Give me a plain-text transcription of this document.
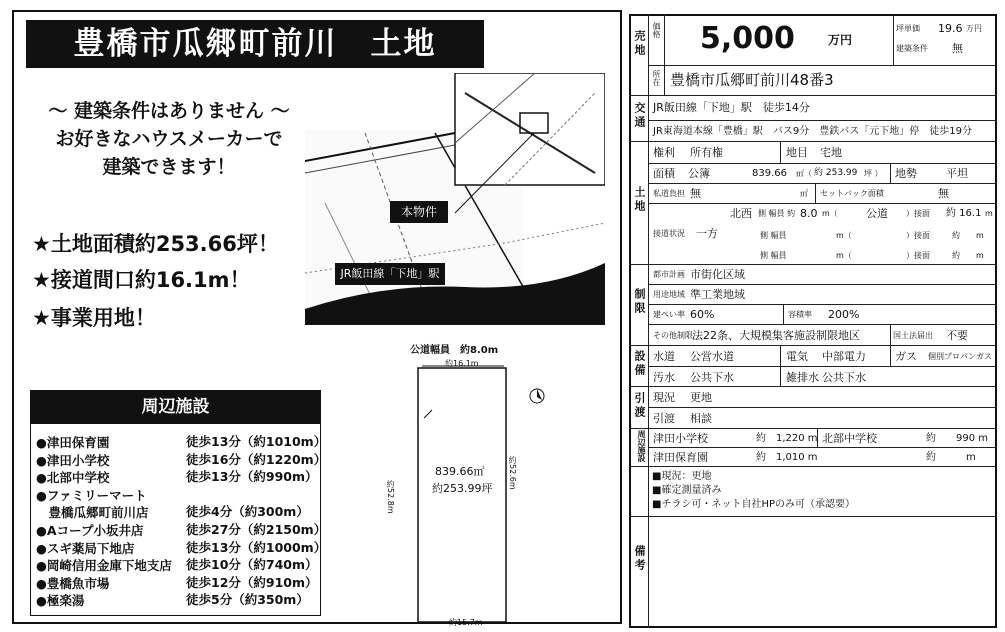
豊橋市瓜郷町前川　土地
～ 建築条件はありません ～
お好きなハウスメーカーで
建築できます！
★土地面積約253.66坪！
★接道間口約16.1m！
★事業用地！
本物件
JR飯田線「下地」駅
公道幅員　約8.0m
約16.1m
約15.7m
約52.8m
約52.6m
839.66㎡
約253.99坪
周辺施設
●津田保育園	徒歩13分（約1010m）
●津田小学校	徒歩16分（約1220m）
●北部中学校	徒歩13分（約990m）
●ファミリーマート
　豊橋瓜郷町前川店	徒歩4分（約300m）
●Aコープ小坂井店	徒歩27分（約2150m）
●スギ薬局下地店	徒歩13分（約1000m）
●岡崎信用金庫下地支店 徒歩10分（約740m）
●豊橋魚市場	徒歩12分（約910m）
●極楽湯	徒歩5分（約350m）
売地
交通
土地
制限
設備
引渡
周辺施設
備考
価格 5,000	万円
坪単価 19.6 万円
建築条件 無
所在 豊橋市瓜郷町前川48番3
JR飯田線「下地」駅　徒歩14分
JR東海道本線「豊橋」駅　バス9分　豊鉄バス「元下地」停　徒歩19分
権利 所有権	地目 宅地
面積 公簿	839.66 ㎡（ 約 253.99 坪 ） 地勢	平坦
私道負担 無	㎡ セットバック面積	無
接道状況 一方
北西 側 幅員 約 8.0 m（	公道 ）接面 約 16.1 m
側 幅員	m（	）接面	約　　m
側 幅員	m（	）接面	約　　m
都市計画 市街化区域
用途地域 準工業地域
建ぺい率 60%	容積率 200%
その他制限 法22条、大規模集客施設制限地区	国土法届出 不要
水道 公営水道	電気 中部電力	ガス 個別プロパンガス
汚水 公共下水	雑排水 公共下水
現況 更地
引渡 相談
津田小学校	約　1,220 m 北部中学校	約　　990 m
津田保育園	約　1,010 m	約　　　m
■現況：更地
■確定測量済み
■チラシ可・ネット自社HPのみ可（承認要）
